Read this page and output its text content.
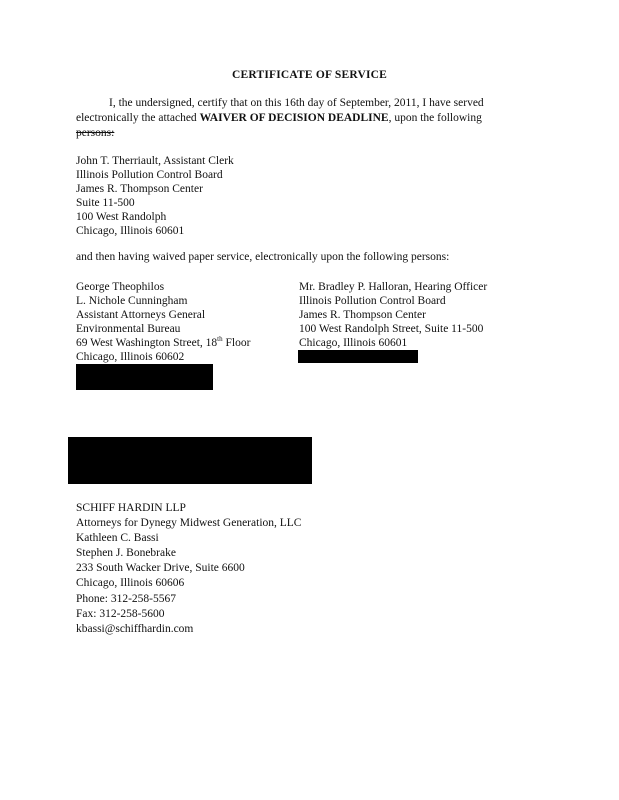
CERTIFICATE OF SERVICE
I, the undersigned, certify that on this 16th day of September, 2011, I have served electronically the attached WAIVER OF DECISION DEADLINE, upon the following persons:
John T. Therriault, Assistant Clerk
Illinois Pollution Control Board
James R. Thompson Center
Suite 11-500
100 West Randolph
Chicago, Illinois 60601
and then having waived paper service, electronically upon the following persons:
George Theophilos
L. Nichole Cunningham
Assistant Attorneys General
Environmental Bureau
69 West Washington Street, 18th Floor
Chicago, Illinois 60602
Mr. Bradley P. Halloran, Hearing Officer
Illinois Pollution Control Board
James R. Thompson Center
100 West Randolph Street, Suite 11-500
Chicago, Illinois 60601
SCHIFF HARDIN LLP
Attorneys for Dynegy Midwest Generation, LLC
Kathleen C. Bassi
Stephen J. Bonebrake
233 South Wacker Drive, Suite 6600
Chicago, Illinois 60606
Phone: 312-258-5567
Fax: 312-258-5600
kbassi@schiffhardin.com
